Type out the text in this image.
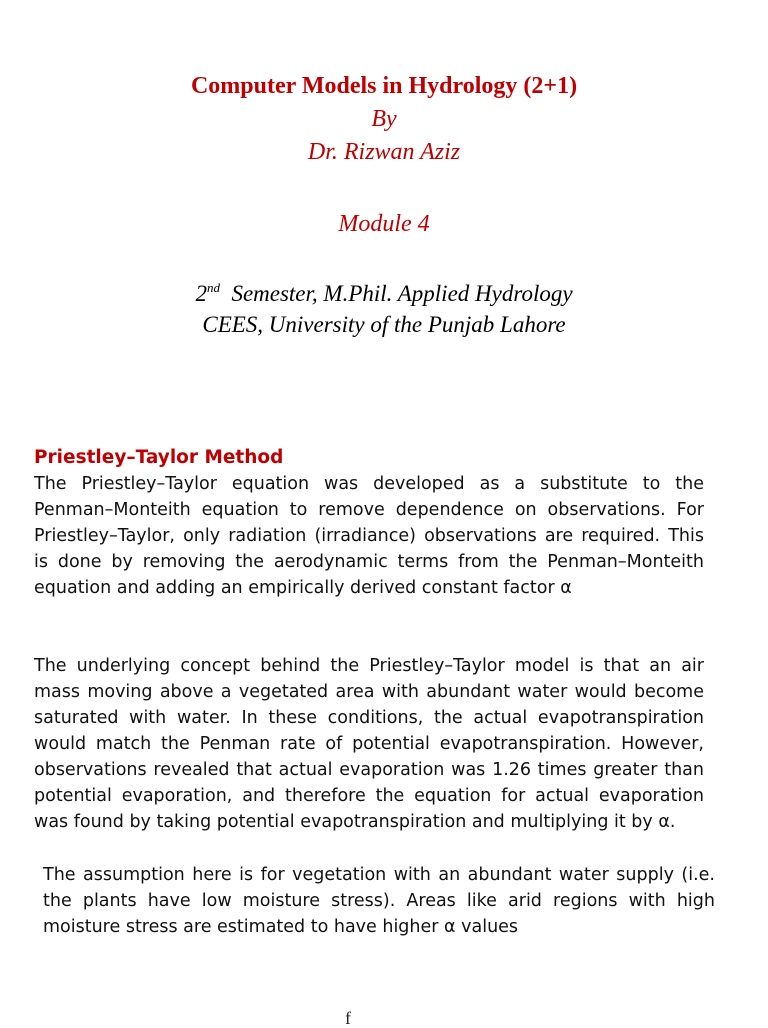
Computer Models in Hydrology (2+1)
By
Dr. Rizwan Aziz
Module 4
2nd Semester, M.Phil. Applied Hydrology
CEES, University of the Punjab Lahore
Priestley–Taylor Method

The Priestley–Taylor equation was developed as a substitute to the Penman–Monteith equation to remove dependence on observations. For Priestley–Taylor, only radiation (irradiance) observations are required. This is done by removing the aerodynamic terms from the Penman–Monteith equation and adding an empirically derived constant factor α

The underlying concept behind the Priestley–Taylor model is that an air mass moving above a vegetated area with abundant water would become saturated with water. In these conditions, the actual evapotranspiration would match the Penman rate of potential evapotranspiration. However, observations revealed that actual evaporation was 1.26 times greater than potential evaporation, and therefore the equation for actual evaporation was found by taking potential evapotranspiration and multiplying it by α.

The assumption here is for vegetation with an abundant water supply (i.e. the plants have low moisture stress). Areas like arid regions with high moisture stress are estimated to have higher α values

f
